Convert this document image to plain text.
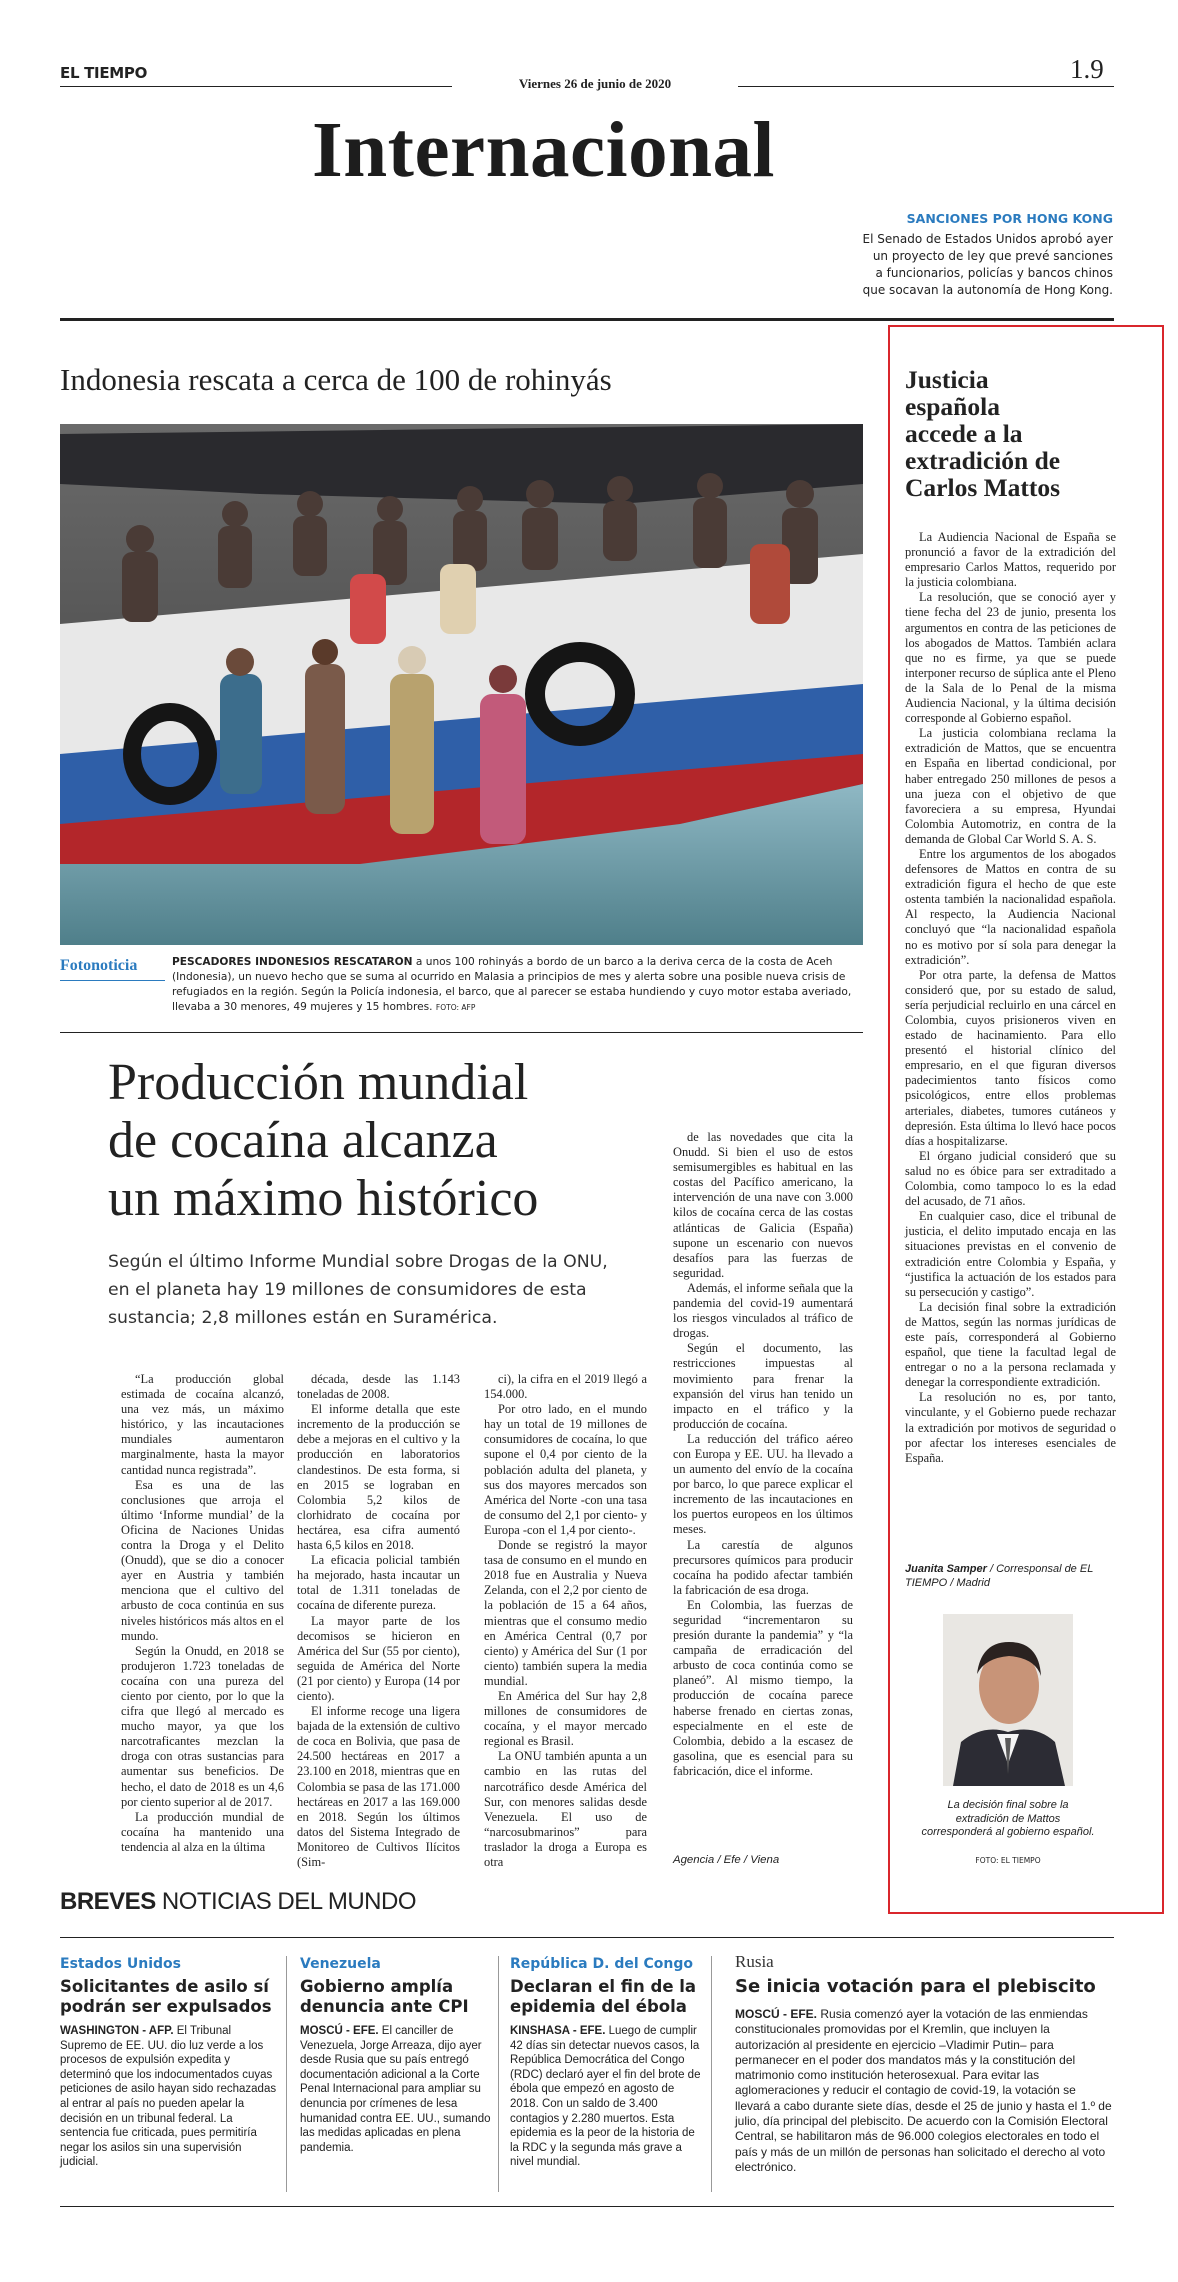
EL TIEMPO
Viernes 26 de junio de 2020	1.9
Internacional
SANCIONES POR HONG KONG
El Senado de Estados Unidos aprobó ayer un proyecto de ley que prevé sanciones a funcionarios, policías y bancos chinos que socavan la autonomía de Hong Kong.
Indonesia rescata a cerca de 100 de rohinyás
Fotonoticia	PESCADORES INDONESIOS RESCATARON a unos 100 rohinyás a bordo de un barco a la deriva cerca de la costa de Aceh (Indonesia), un nuevo hecho que se suma al ocurrido en Malasia a principios de mes y alerta sobre una posible nueva crisis de refugiados en la región. Según la Policía indonesia, el barco, que al parecer se estaba hundiendo y cuyo motor estaba averiado, llevaba a 30 menores, 49 mujeres y 15 hombres. FOTO: AFP
Producción mundial
de cocaína alcanza
un máximo histórico
Según el último Informe Mundial sobre Drogas de la ONU, en el planeta hay 19 millones de consumidores de esta sustancia; 2,8 millones están en Suramérica.

“La producción global estimada de cocaína alcanzó, una vez más, un máximo histórico, y las incautaciones mundiales aumentaron marginalmente, hasta la mayor cantidad nunca registrada”.

Esa es una de las conclusiones que arroja el último ‘Informe mundial’ de la Oficina de Naciones Unidas contra la Droga y el Delito (Onudd), que se dio a conocer ayer en Austria y también menciona que el cultivo del arbusto de coca continúa en sus niveles históricos más altos en el mundo.

Según la Onudd, en 2018 se produjeron 1.723 toneladas de cocaína con una pureza del ciento por ciento, por lo que la cifra que llegó al mercado es mucho mayor, ya que los narcotraficantes mezclan la droga con otras sustancias para aumentar sus beneficios. De hecho, el dato de 2018 es un 4,6 por ciento superior al de 2017.

La producción mundial de cocaína ha mantenido una tendencia al alza en la última

década, desde las 1.143 toneladas de 2008.

El informe detalla que este incremento de la producción se debe a mejoras en el cultivo y la producción en laboratorios clandestinos. De esta forma, si en 2015 se lograban en Colombia 5,2 kilos de clorhidrato de cocaína por hectárea, esa cifra aumentó hasta 6,5 kilos en 2018.

La eficacia policial también ha mejorado, hasta incautar un total de 1.311 toneladas de cocaína de diferente pureza.

La mayor parte de los decomisos se hicieron en América del Sur (55 por ciento), seguida de América del Norte (21 por ciento) y Europa (14 por ciento).

El informe recoge una ligera bajada de la extensión de cultivo de coca en Bolivia, que pasa de 24.500 hectáreas en 2017 a 23.100 en 2018, mientras que en Colombia se pasa de las 171.000 hectáreas en 2017 a las 169.000 en 2018. Según los últimos datos del Sistema Integrado de Monitoreo de Cultivos Ilícitos (Sim-

ci), la cifra en el 2019 llegó a 154.000.

Por otro lado, en el mundo hay un total de 19 millones de consumidores de cocaína, lo que supone el 0,4 por ciento de la población adulta del planeta, y sus dos mayores mercados son América del Norte -con una tasa de consumo del 2,1 por ciento- y Europa -con el 1,4 por ciento-.

Donde se registró la mayor tasa de consumo en el mundo en 2018 fue en Australia y Nueva Zelanda, con el 2,2 por ciento de la población de 15 a 64 años, mientras que el consumo medio en América Central (0,7 por ciento) y América del Sur (1 por ciento) también supera la media mundial.

En América del Sur hay 2,8 millones de consumidores de cocaína, y el mayor mercado regional es Brasil.

La ONU también apunta a un cambio en las rutas del narcotráfico desde América del Sur, con menores salidas desde Venezuela. El uso de “narcosubmarinos” para traslador la droga a Europa es otra

de las novedades que cita la Onudd. Si bien el uso de estos semisumergibles es habitual en las costas del Pacífico americano, la intervención de una nave con 3.000 kilos de cocaína cerca de las costas atlánticas de Galicia (España) supone un escenario con nuevos desafíos para las fuerzas de seguridad.

Además, el informe señala que la pandemia del covid-19 aumentará los riesgos vinculados al tráfico de drogas.

Según el documento, las restricciones impuestas al movimiento para frenar la expansión del virus han tenido un impacto en el tráfico y la producción de cocaína.

La reducción del tráfico aéreo con Europa y EE. UU. ha llevado a un aumento del envío de la cocaína por barco, lo que parece explicar el incremento de las incautaciones en los puertos europeos en los últimos meses.

La carestía de algunos precursores químicos para producir cocaína ha podido afectar también la fabricación de esa droga.

En Colombia, las fuerzas de seguridad “incrementaron su presión durante la pandemia” y “la campaña de erradicación del arbusto de coca continúa como se planeó”. Al mismo tiempo, la producción de cocaína parece haberse frenado en ciertas zonas, especialmente en el este de Colombia, debido a la escasez de gasolina, que es esencial para su fabricación, dice el informe.

Agencia / Efe / Viena
Justicia
española
accede a la
extradición de
Carlos Mattos

La Audiencia Nacional de España se pronunció a favor de la extradición del empresario Carlos Mattos, requerido por la justicia colombiana.

La resolución, que se conoció ayer y tiene fecha del 23 de junio, presenta los argumentos en contra de las peticiones de los abogados de Mattos. También aclara que no es firme, ya que se puede interponer recurso de súplica ante el Pleno de la Sala de lo Penal de la misma Audiencia Nacional, y la última decisión corresponde al Gobierno español.

La justicia colombiana reclama la extradición de Mattos, que se encuentra en España en libertad condicional, por haber entregado 250 millones de pesos a una jueza con el objetivo de que favoreciera a su empresa, Hyundai Colombia Automotriz, en contra de la demanda de Global Car World S. A. S.

Entre los argumentos de los abogados defensores de Mattos en contra de su extradición figura el hecho de que este ostenta también la nacionalidad española. Al respecto, la Audiencia Nacional concluyó que “la nacionalidad española no es motivo por sí sola para denegar la extradición”.

Por otra parte, la defensa de Mattos consideró que, por su estado de salud, sería perjudicial recluirlo en una cárcel en Colombia, cuyos prisioneros viven en estado de hacinamiento. Para ello presentó el historial clínico del empresario, en el que figuran diversos padecimientos tanto físicos como psicológicos, entre ellos problemas arteriales, diabetes, tumores cutáneos y depresión. Esta última lo llevó hace pocos días a hospitalizarse.

El órgano judicial consideró que su salud no es óbice para ser extraditado a Colombia, como tampoco lo es la edad del acusado, de 71 años.

En cualquier caso, dice el tribunal de justicia, el delito imputado encaja en las situaciones previstas en el convenio de extradición entre Colombia y España, y “justifica la actuación de los estados para su persecución y castigo”.

La decisión final sobre la extradición de Mattos, según las normas jurídicas de este país, corresponderá al Gobierno español, que tiene la facultad legal de entregar o no a la persona reclamada y denegar la correspondiente extradición.

La resolución no es, por tanto, vinculante, y el Gobierno puede rechazar la extradición por motivos de seguridad o por afectar los intereses esenciales de España.

Juanita Samper / Corresponsal de EL TIEMPO / Madrid
La decisión final sobre la extradición de Mattos corresponderá al gobierno español.
FOTO: EL TIEMPO
BREVES NOTICIAS DEL MUNDO
Estados Unidos
Solicitantes de asilo sí podrán ser expulsados

WASHINGTON - AFP. El Tribunal Supremo de EE. UU. dio luz verde a los procesos de expulsión expedita y determinó que los indocumentados cuyas peticiones de asilo hayan sido rechazadas al entrar al país no pueden apelar la decisión en un tribunal federal. La sentencia fue criticada, pues permitiría negar los asilos sin una supervisión judicial.

Venezuela
Gobierno amplía denuncia ante CPI

MOSCÚ - EFE. El canciller de Venezuela, Jorge Arreaza, dijo ayer desde Rusia que su país entregó documentación adicional a la Corte Penal Internacional para ampliar su denuncia por crímenes de lesa humanidad contra EE. UU., sumando las medidas aplicadas en plena pandemia.

República D. del Congo
Declaran el fin de la epidemia del ébola

KINSHASA - EFE. Luego de cumplir 42 días sin detectar nuevos casos, la República Democrática del Congo (RDC) declaró ayer el fin del brote de ébola que empezó en agosto de 2018. Con un saldo de 3.400 contagios y 2.280 muertos. Esta epidemia es la peor de la historia de la RDC y la segunda más grave a nivel mundial.

Rusia
Se inicia votación para el plebiscito

MOSCÚ - EFE. Rusia comenzó ayer la votación de las enmiendas constitucionales promovidas por el Kremlin, que incluyen la autorización al presidente en ejercicio –Vladimir Putin– para permanecer en el poder dos mandatos más y la constitución del matrimonio como institución heterosexual. Para evitar las aglomeraciones y reducir el contagio de covid-19, la votación se llevará a cabo durante siete días, desde el 25 de junio y hasta el 1.º de julio, día principal del plebiscito. De acuerdo con la Comisión Electoral Central, se habilitaron más de 96.000 colegios electorales en todo el país y más de un millón de personas han solicitado el derecho al voto electrónico.
